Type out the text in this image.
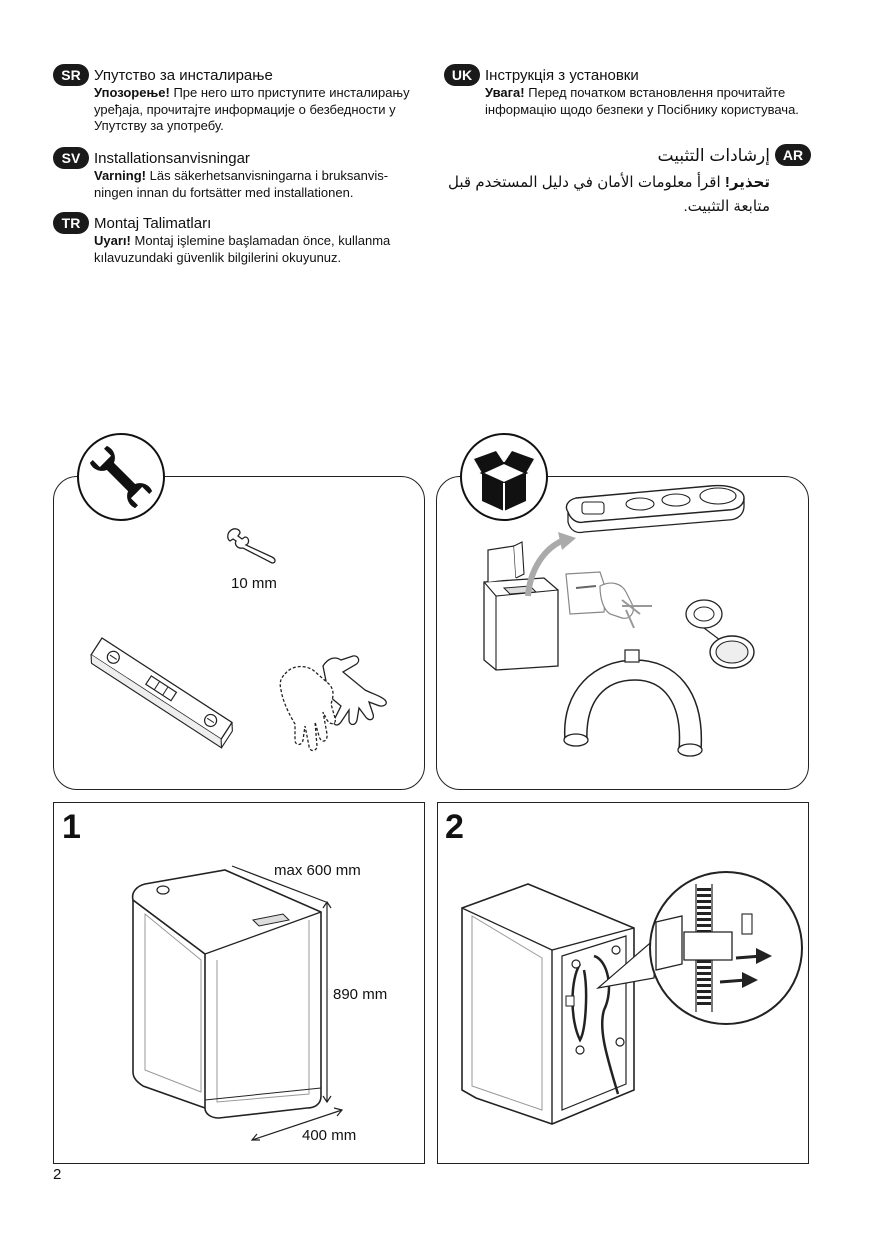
SR Упутство за инсталирање
Упозорење! Пре него што приступите инсталирању уређаја, прочитајте информације о безбедности у Упутству за употребу.
SV Installationsanvisningar
Varning! Läs säkerhetsanvisningarna i bruksanvis-ningen innan du fortsätter med installationen.
TR Montaj Talimatları
Uyarı! Montaj işlemine başlamadan önce, kullanma kılavuzundaki güvenlik bilgilerini okuyunuz.
UK Інструкція з установки
Увага! Перед початком встановлення прочитайте інформацію щодо безпеки у Посібнику користувача.
AR
إرشادات التثبيت
تحذير! اقرأ معلومات الأمان في دليل المستخدم قبل متابعة التثبيت.
10 mm
1
max 600 mm
890 mm
400 mm
2
2
